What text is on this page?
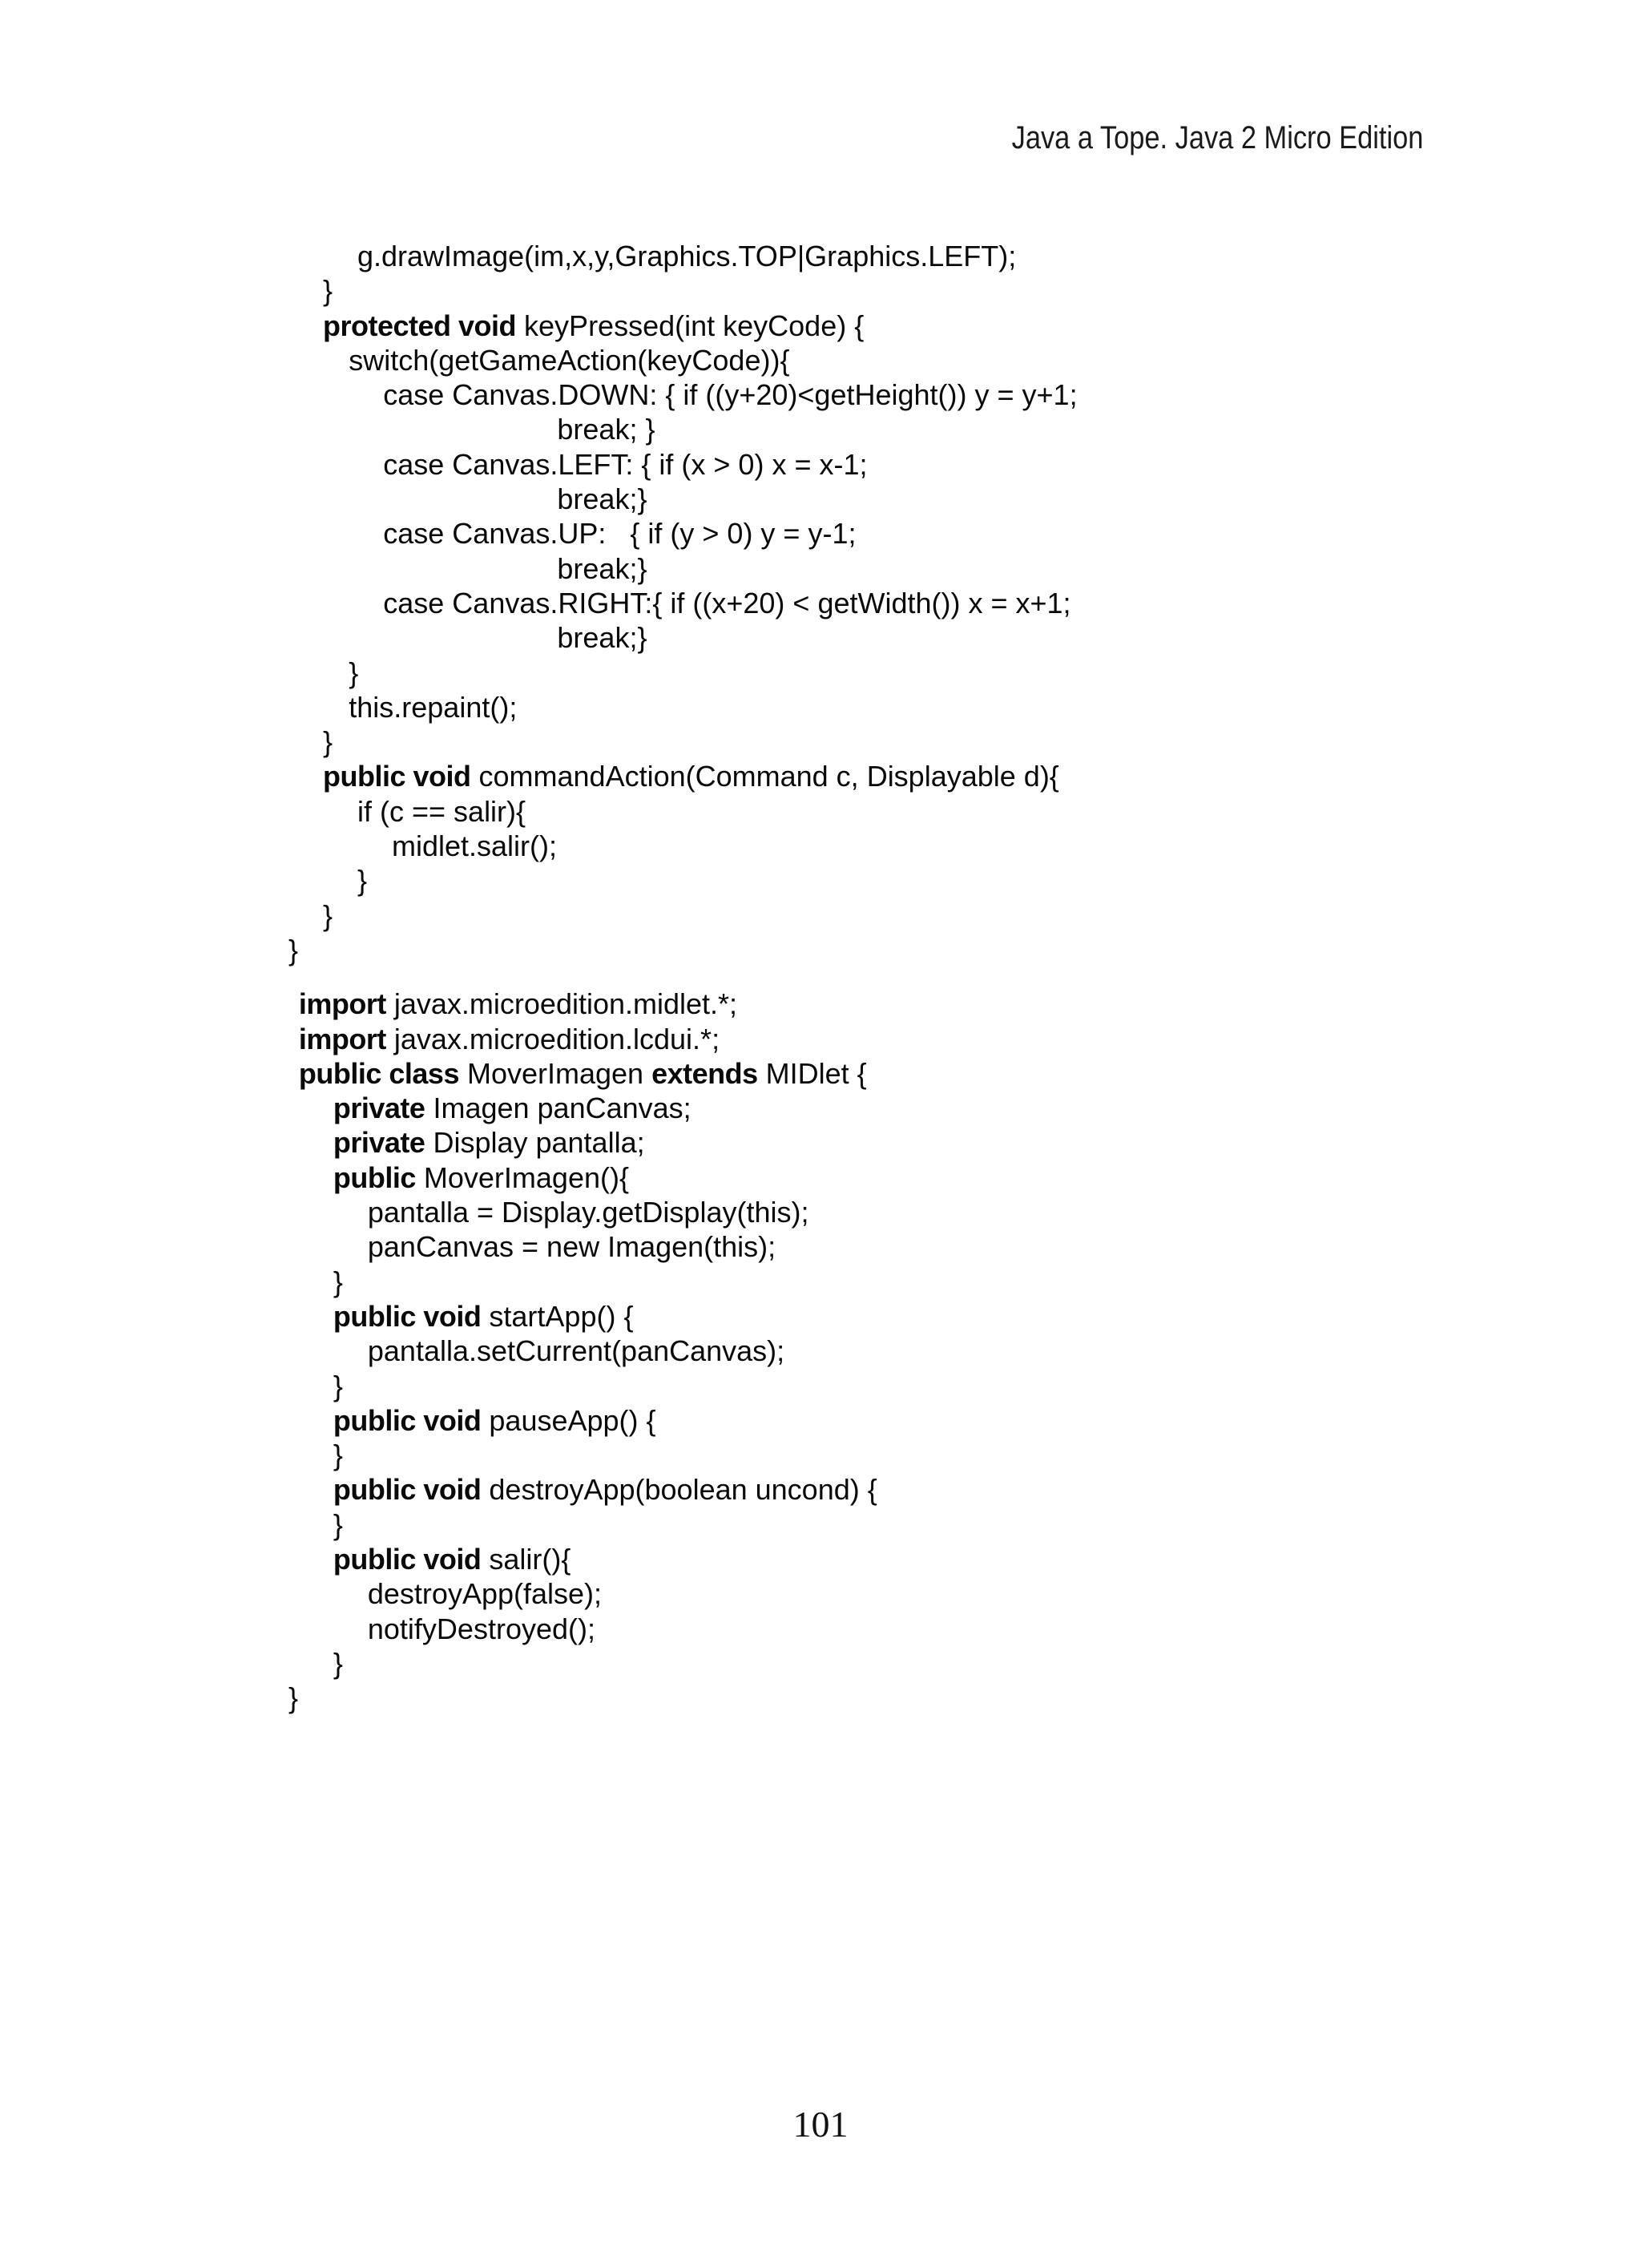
Java a Tope. Java 2 Micro Edition
g.drawImage(im,x,y,Graphics.TOP|Graphics.LEFT);
}
protected void keyPressed(int keyCode) {
switch(getGameAction(keyCode)){
case Canvas.DOWN: { if ((y+20)<getHeight()) y = y+1;
break; }
case Canvas.LEFT: { if (x > 0) x = x-1;
break;}
case Canvas.UP:   { if (y > 0) y = y-1;
break;}
case Canvas.RIGHT:{ if ((x+20) < getWidth()) x = x+1;
break;}
}
this.repaint();
}
public void commandAction(Command c, Displayable d){
if (c == salir){
midlet.salir();
}
}
}
import javax.microedition.midlet.*;
import javax.microedition.lcdui.*;
public class MoverImagen extends MIDlet {
private Imagen panCanvas;
private Display pantalla;
public MoverImagen(){
pantalla = Display.getDisplay(this);
panCanvas = new Imagen(this);
}
public void startApp() {
pantalla.setCurrent(panCanvas);
}
public void pauseApp() {
}
public void destroyApp(boolean uncond) {
}
public void salir(){
destroyApp(false);
notifyDestroyed();
}
}
101
